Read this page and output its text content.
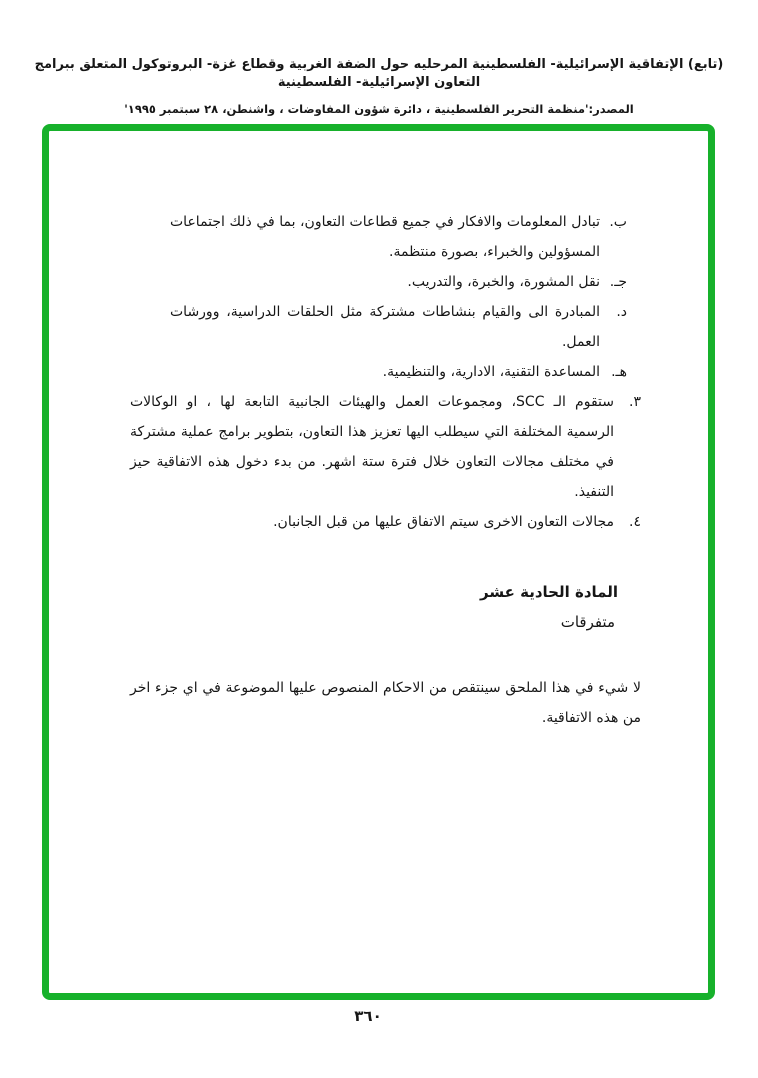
(تابع) الإتفاقية الإسرائيلية- الفلسطينية المرحليه حول الضفة الغربية وقطاع غزة- البروتوكول المتعلق ببرامج التعاون الإسرائيلية- الفلسطينية
المصدر:'منظمة التحرير الفلسطينية ، دائرة شؤون المفاوضات ، واشنطن، ٢٨ سبتمبر ١٩٩٥'
ب.
تبادل المعلومات والافكار في جميع قطاعات التعاون، بما في ذلك اجتماعات المسؤولين والخبراء، بصورة منتظمة.
جـ.
نقل المشورة، والخبرة، والتدريب.
د.
المبادرة الى والقيام بنشاطات مشتركة مثل الحلقات الدراسية، وورشات العمل.
هـ.
المساعدة التقنية، الادارية، والتنظيمية.
٣.
ستقوم الـ SCC، ومجموعات العمل والهيئات الجانبية التابعة لها ، او الوكالات الرسمية المختلفة التي سيطلب اليها تعزيز هذا التعاون، بتطوير برامج عملية مشتركة في مختلف مجالات التعاون خلال فترة ستة اشهر. من بدء دخول هذه الاتفاقية حيز التنفيذ.
٤.
مجالات التعاون الاخرى سيتم الاتفاق عليها من قبل الجانبان.
المادة الحادية عشر
متفرقات
لا شيء في هذا الملحق سينتقص من الاحكام المنصوص عليها الموضوعة في اي جزء اخر من هذه الاتفاقية.
٣٦٠
